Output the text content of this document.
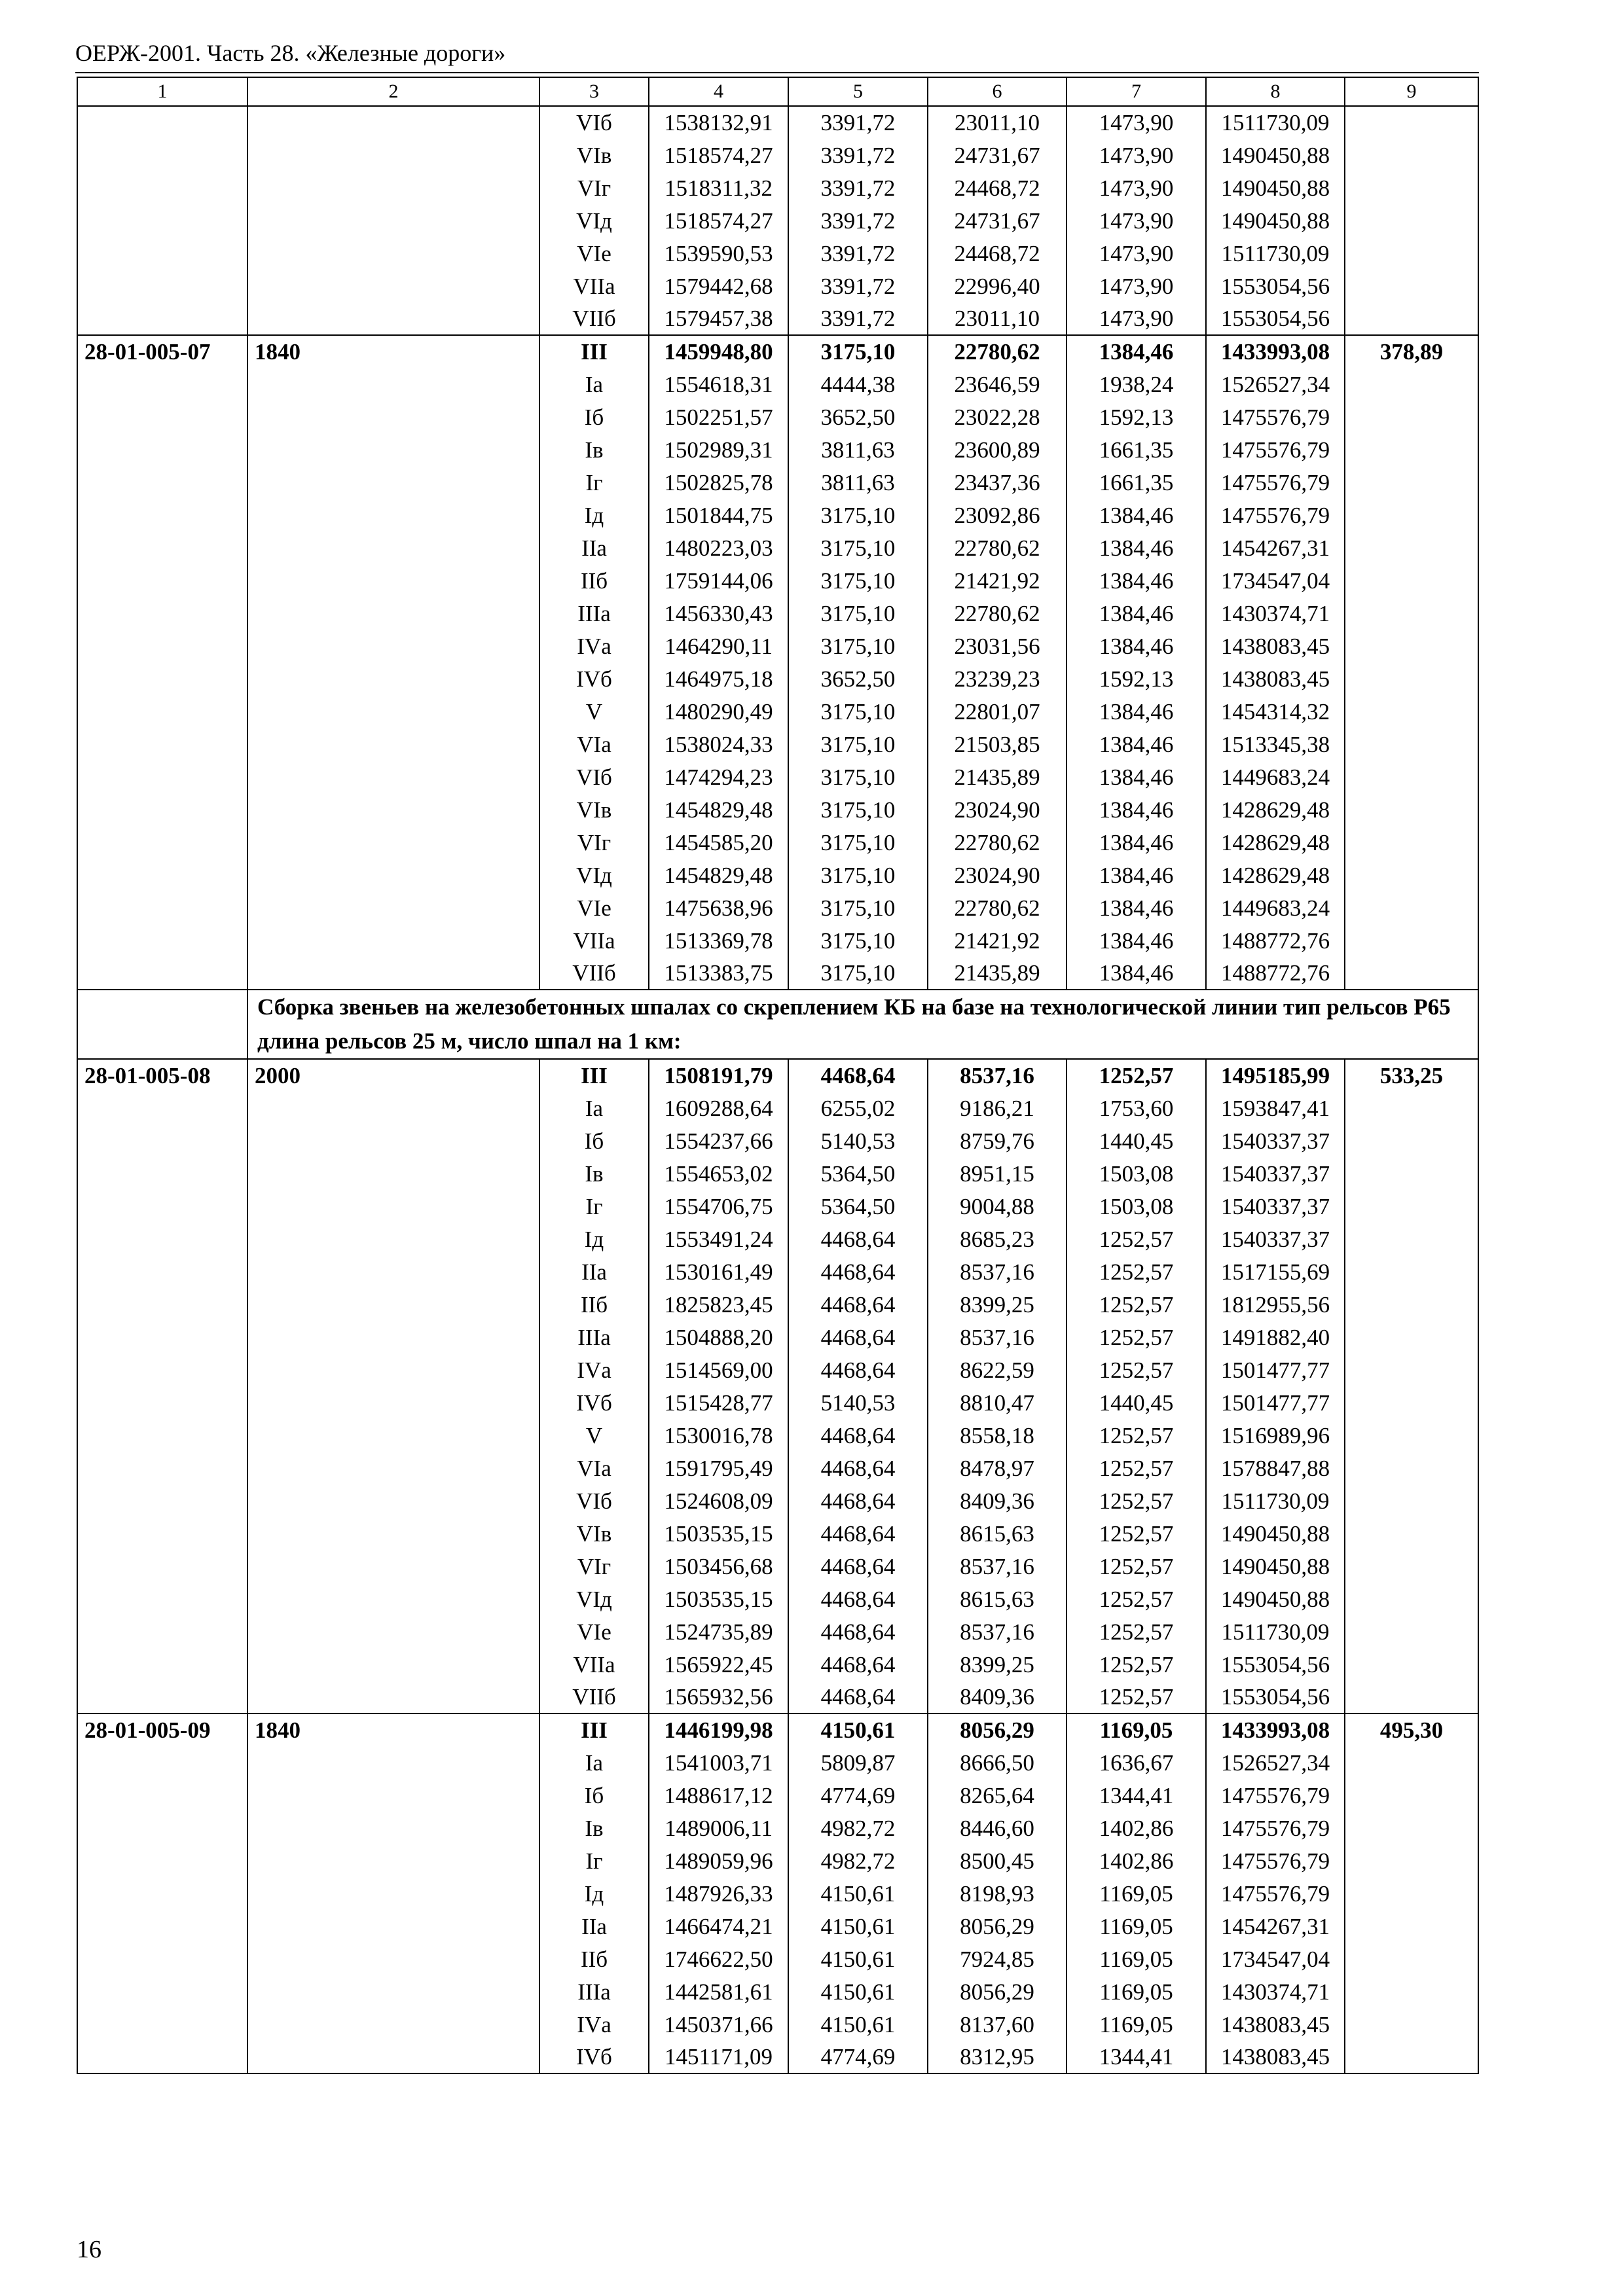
ОЕРЖ-2001. Часть 28. «Железные дороги»
1	2	3	4	5	6	7	8	9
		VIб	1538132,91	3391,72	23011,10	1473,90	1511730,09	
		VIв	1518574,27	3391,72	24731,67	1473,90	1490450,88	
		VIг	1518311,32	3391,72	24468,72	1473,90	1490450,88	
		VIд	1518574,27	3391,72	24731,67	1473,90	1490450,88	
		VIе	1539590,53	3391,72	24468,72	1473,90	1511730,09	
		VIIа	1579442,68	3391,72	22996,40	1473,90	1553054,56	
		VIIб	1579457,38	3391,72	23011,10	1473,90	1553054,56	
28-01-005-07	1840	III	1459948,80	3175,10	22780,62	1384,46	1433993,08	378,89
		Iа	1554618,31	4444,38	23646,59	1938,24	1526527,34	
		Iб	1502251,57	3652,50	23022,28	1592,13	1475576,79	
		Iв	1502989,31	3811,63	23600,89	1661,35	1475576,79	
		Iг	1502825,78	3811,63	23437,36	1661,35	1475576,79	
		Iд	1501844,75	3175,10	23092,86	1384,46	1475576,79	
		IIа	1480223,03	3175,10	22780,62	1384,46	1454267,31	
		IIб	1759144,06	3175,10	21421,92	1384,46	1734547,04	
		IIIа	1456330,43	3175,10	22780,62	1384,46	1430374,71	
		IVа	1464290,11	3175,10	23031,56	1384,46	1438083,45	
		IVб	1464975,18	3652,50	23239,23	1592,13	1438083,45	
		V	1480290,49	3175,10	22801,07	1384,46	1454314,32	
		VIа	1538024,33	3175,10	21503,85	1384,46	1513345,38	
		VIб	1474294,23	3175,10	21435,89	1384,46	1449683,24	
		VIв	1454829,48	3175,10	23024,90	1384,46	1428629,48	
		VIг	1454585,20	3175,10	22780,62	1384,46	1428629,48	
		VIд	1454829,48	3175,10	23024,90	1384,46	1428629,48	
		VIе	1475638,96	3175,10	22780,62	1384,46	1449683,24	
		VIIа	1513369,78	3175,10	21421,92	1384,46	1488772,76	
		VIIб	1513383,75	3175,10	21435,89	1384,46	1488772,76	

	Сборка звеньев на железобетонных шпалах со скреплением КБ на базе на технологической линии тип рельсов Р65 длина рельсов 25 м, число шпал на 1 км:							

28-01-005-08	2000	III	1508191,79	4468,64	8537,16	1252,57	1495185,99	533,25
		Iа	1609288,64	6255,02	9186,21	1753,60	1593847,41	
		Iб	1554237,66	5140,53	8759,76	1440,45	1540337,37	
		Iв	1554653,02	5364,50	8951,15	1503,08	1540337,37	
		Iг	1554706,75	5364,50	9004,88	1503,08	1540337,37	
		Iд	1553491,24	4468,64	8685,23	1252,57	1540337,37	
		IIа	1530161,49	4468,64	8537,16	1252,57	1517155,69	
		IIб	1825823,45	4468,64	8399,25	1252,57	1812955,56	
		IIIа	1504888,20	4468,64	8537,16	1252,57	1491882,40	
		IVа	1514569,00	4468,64	8622,59	1252,57	1501477,77	
		IVб	1515428,77	5140,53	8810,47	1440,45	1501477,77	
		V	1530016,78	4468,64	8558,18	1252,57	1516989,96	
		VIа	1591795,49	4468,64	8478,97	1252,57	1578847,88	
		VIб	1524608,09	4468,64	8409,36	1252,57	1511730,09	
		VIв	1503535,15	4468,64	8615,63	1252,57	1490450,88	
		VIг	1503456,68	4468,64	8537,16	1252,57	1490450,88	
		VIд	1503535,15	4468,64	8615,63	1252,57	1490450,88	
		VIе	1524735,89	4468,64	8537,16	1252,57	1511730,09	
		VIIа	1565922,45	4468,64	8399,25	1252,57	1553054,56	
		VIIб	1565932,56	4468,64	8409,36	1252,57	1553054,56	
28-01-005-09	1840	III	1446199,98	4150,61	8056,29	1169,05	1433993,08	495,30
		Iа	1541003,71	5809,87	8666,50	1636,67	1526527,34	
		Iб	1488617,12	4774,69	8265,64	1344,41	1475576,79	
		Iв	1489006,11	4982,72	8446,60	1402,86	1475576,79	
		Iг	1489059,96	4982,72	8500,45	1402,86	1475576,79	
		Iд	1487926,33	4150,61	8198,93	1169,05	1475576,79	
		IIа	1466474,21	4150,61	8056,29	1169,05	1454267,31	
		IIб	1746622,50	4150,61	7924,85	1169,05	1734547,04	
		IIIа	1442581,61	4150,61	8056,29	1169,05	1430374,71	
		IVа	1450371,66	4150,61	8137,60	1169,05	1438083,45	
		IVб	1451171,09	4774,69	8312,95	1344,41	1438083,45	
16
